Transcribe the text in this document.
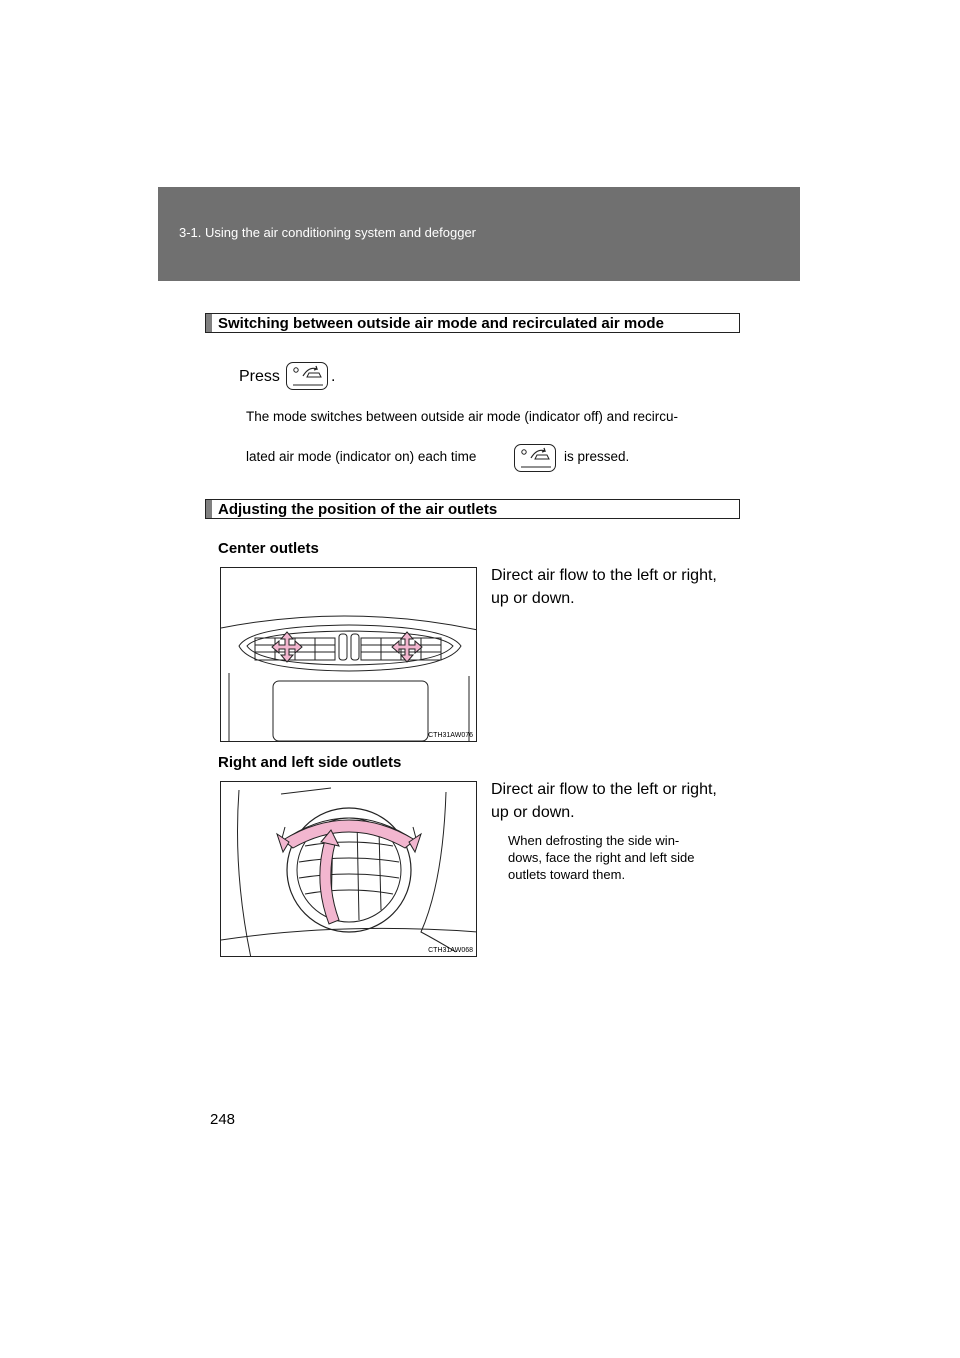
3-1. Using the air conditioning system and defogger
Switching between outside air mode and recirculated air mode
Press	.
The mode switches between outside air mode (indicator off) and recircu-
lated air mode (indicator on) each time	is pressed.
Adjusting the position of the air outlets
Center outlets
Direct air flow to the left or right,
up or down.
CTH31AW076
Right and left side outlets
Direct air flow to the left or right,
up or down.
When defrosting the side win-
dows, face the right and left side
outlets toward them.
CTH31AW068
248
